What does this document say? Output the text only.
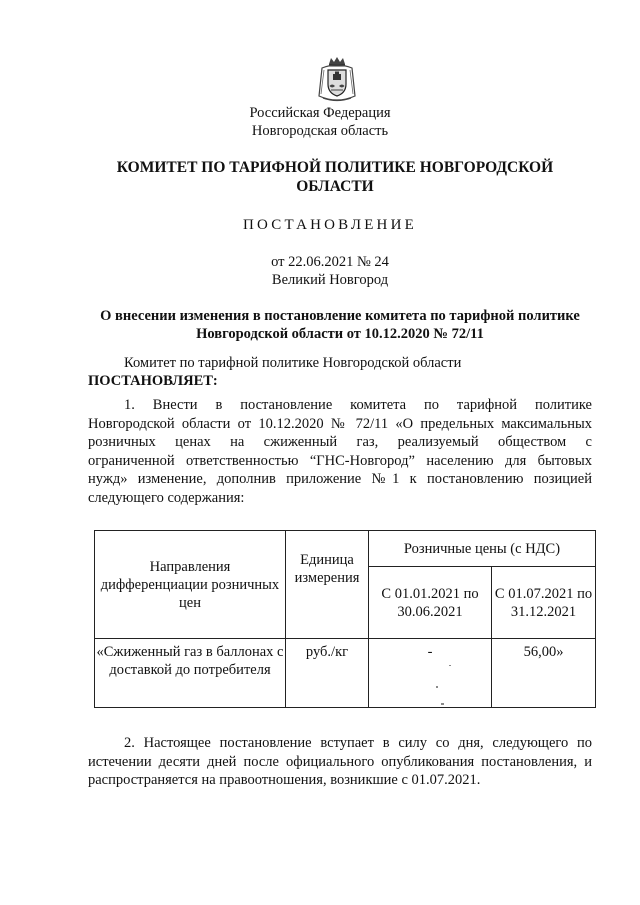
Российская Федерация
Новгородская область
КОМИТЕТ ПО ТАРИФНОЙ ПОЛИТИКЕ НОВГОРОДСКОЙ
ОБЛАСТИ
ПОСТАНОВЛЕНИЕ
от 22.06.2021 № 24
Великий Новгород
О внесении изменения в постановление комитета по тарифной политике
Новгородской области от 10.12.2020 № 72/11
Комитет по тарифной политике Новгородской области
ПОСТАНОВЛЯЕТ:

1. Внести в постановление комитета по тарифной политике

Новгородской области от 10.12.2020 № 72/11 «О предельных максимальных

розничных ценах на сжиженный газ, реализуемый обществом с

ограниченной ответственностью “ГНС-Новгород” населению для бытовых

нужд» изменение, дополнив приложение №1 к постановлению позицией

следующего содержания:

Направления дифференциации розничных цен	Единица измерения	Розничные цены (с НДС)	
		С 01.01.2021 по 30.06.2021	С 01.07.2021 по 31.12.2021
«Сжиженный газ в баллонах с доставкой до потребителя	руб./кг	-	56,00»

2. Настоящее постановление вступает в силу со дня, следующего по

истечении десяти дней после официального опубликования постановления, и

распространяется на правоотношения, возникшие с 01.07.2021.
